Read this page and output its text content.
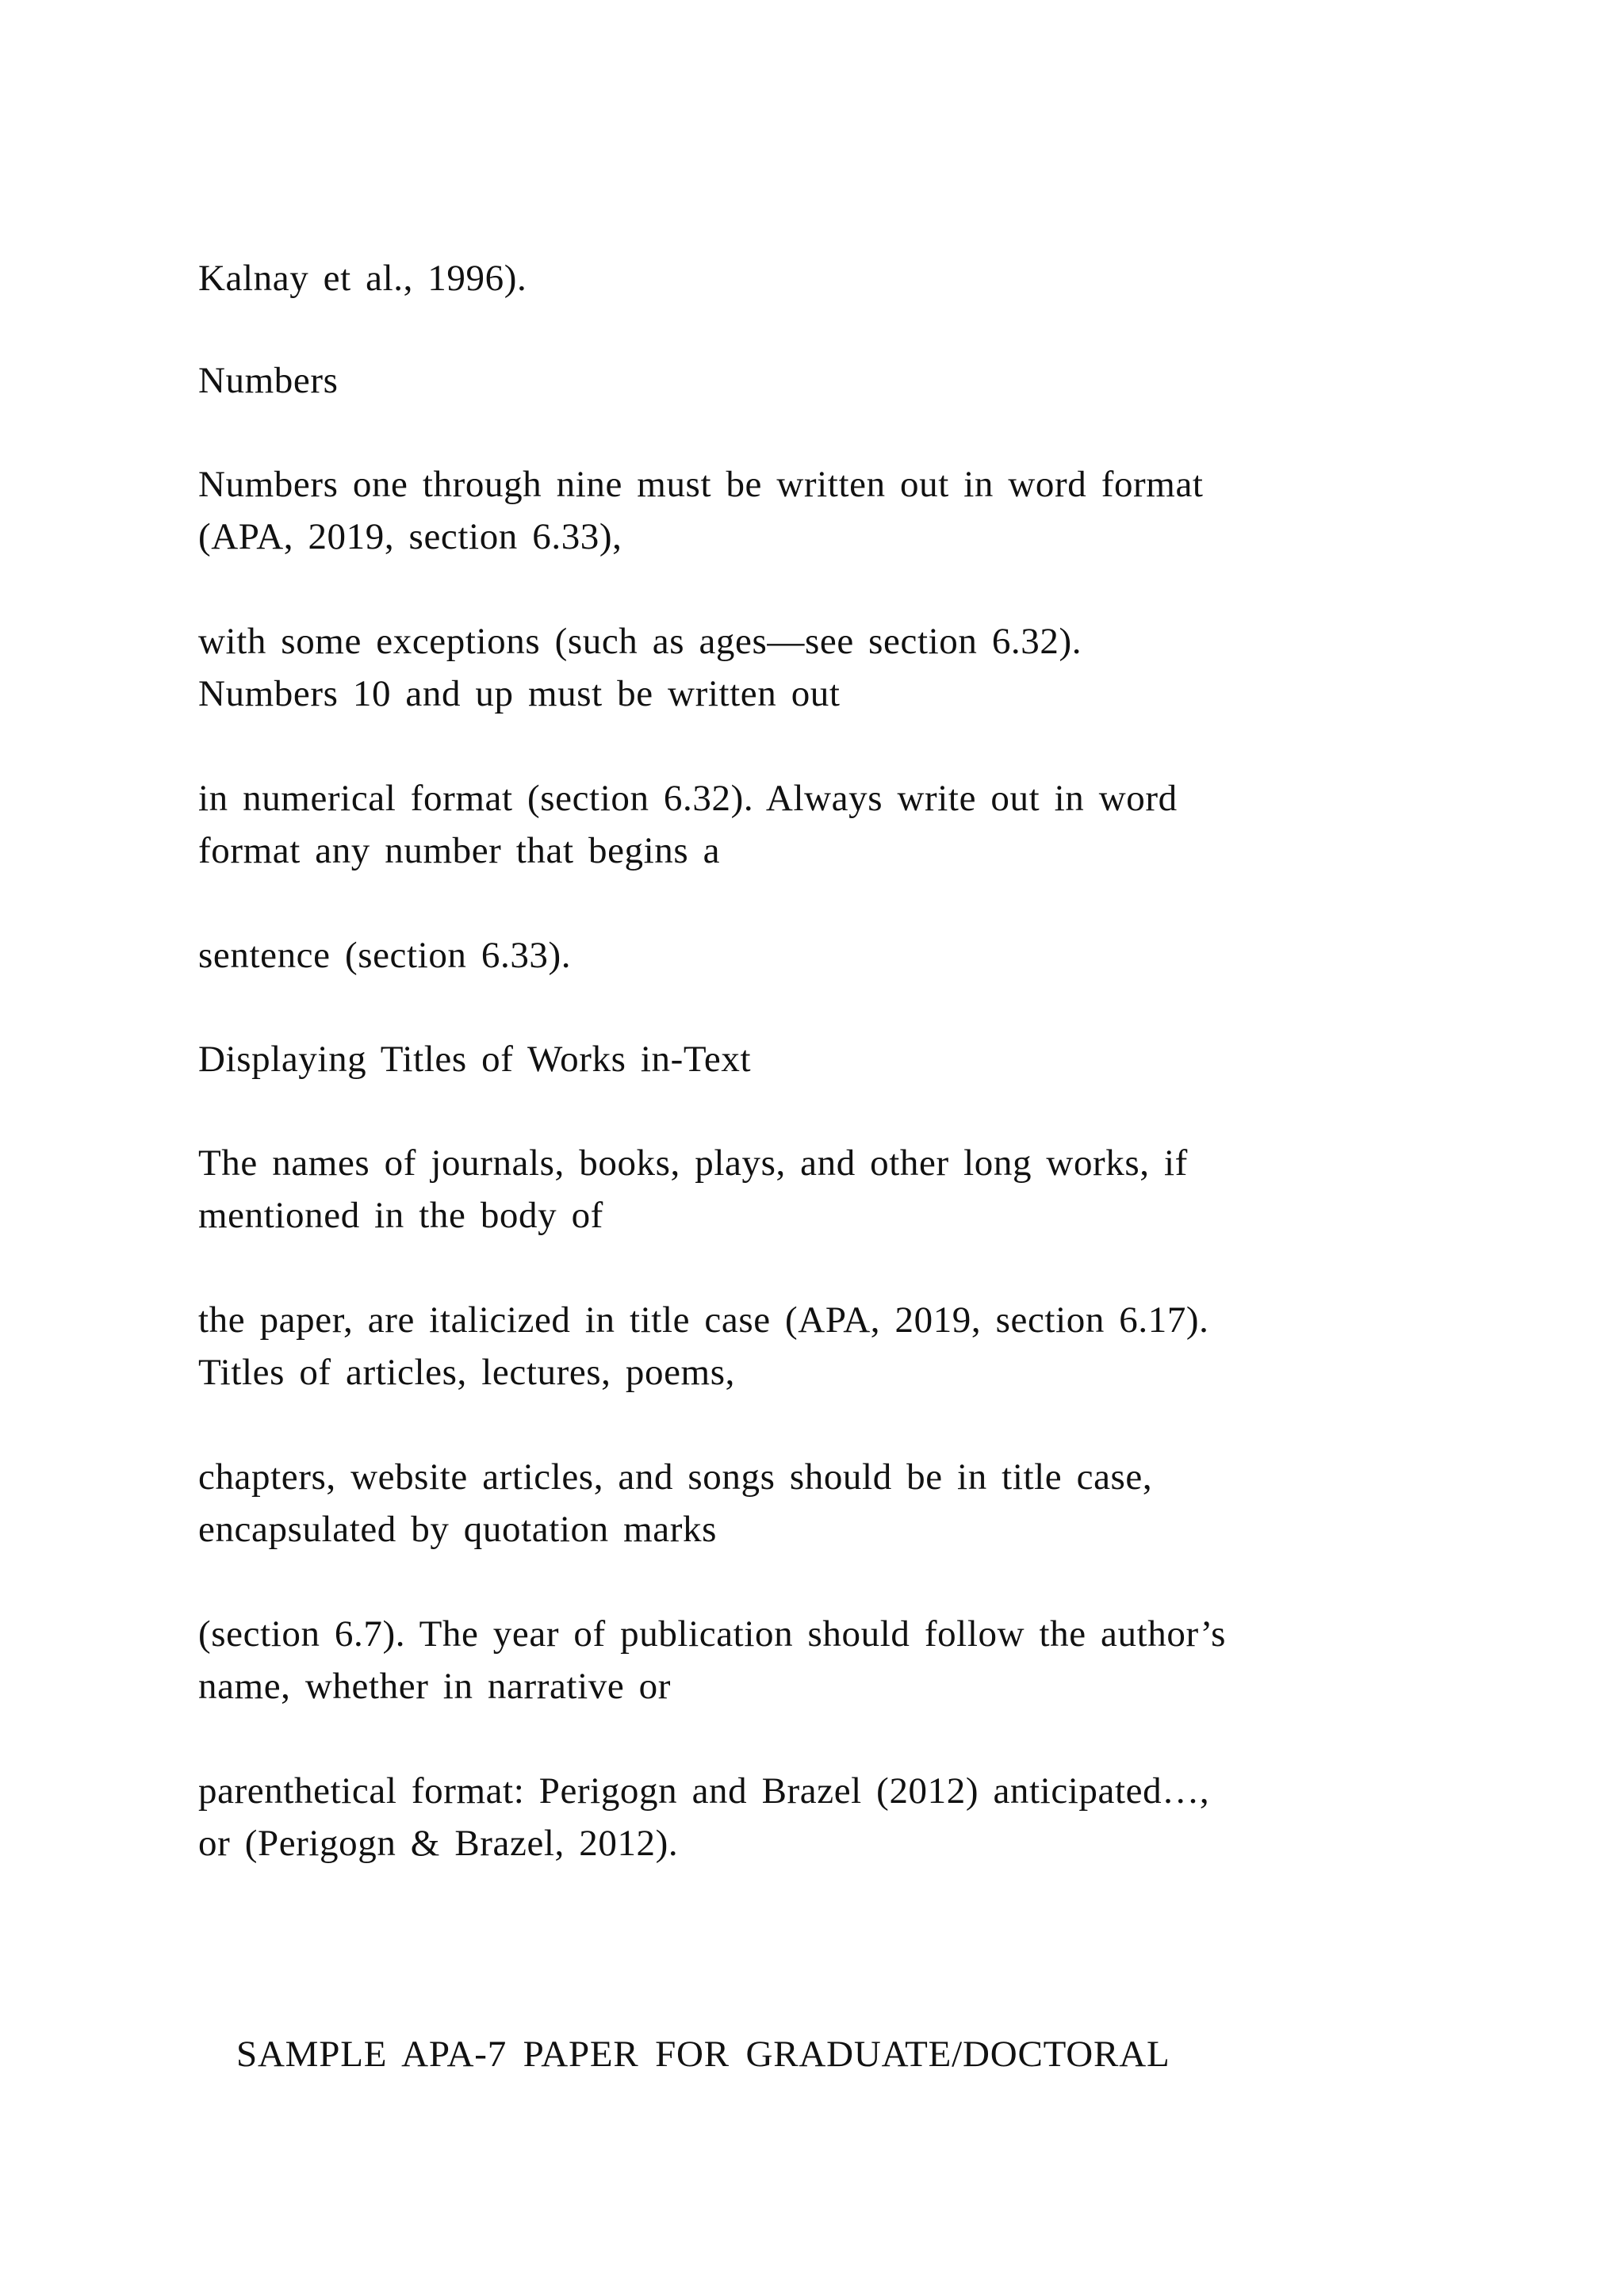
Kalnay et al., 1996).
Numbers
Numbers one through nine must be written out in word format
(APA, 2019, section 6.33),
with some exceptions (such as ages—see section 6.32).
Numbers 10 and up must be written out
in numerical format (section 6.32). Always write out in word
format any number that begins a
sentence (section 6.33).
Displaying Titles of Works in-Text
The names of journals, books, plays, and other long works, if
mentioned in the body of
the paper, are italicized in title case (APA, 2019, section 6.17).
Titles of articles, lectures, poems,
chapters, website articles, and songs should be in title case,
encapsulated by quotation marks
(section 6.7). The year of publication should follow the author’s
name, whether in narrative or
parenthetical format: Perigogn and Brazel (2012) anticipated…,
or (Perigogn & Brazel, 2012).
SAMPLE APA-7 PAPER FOR GRADUATE/DOCTORAL
